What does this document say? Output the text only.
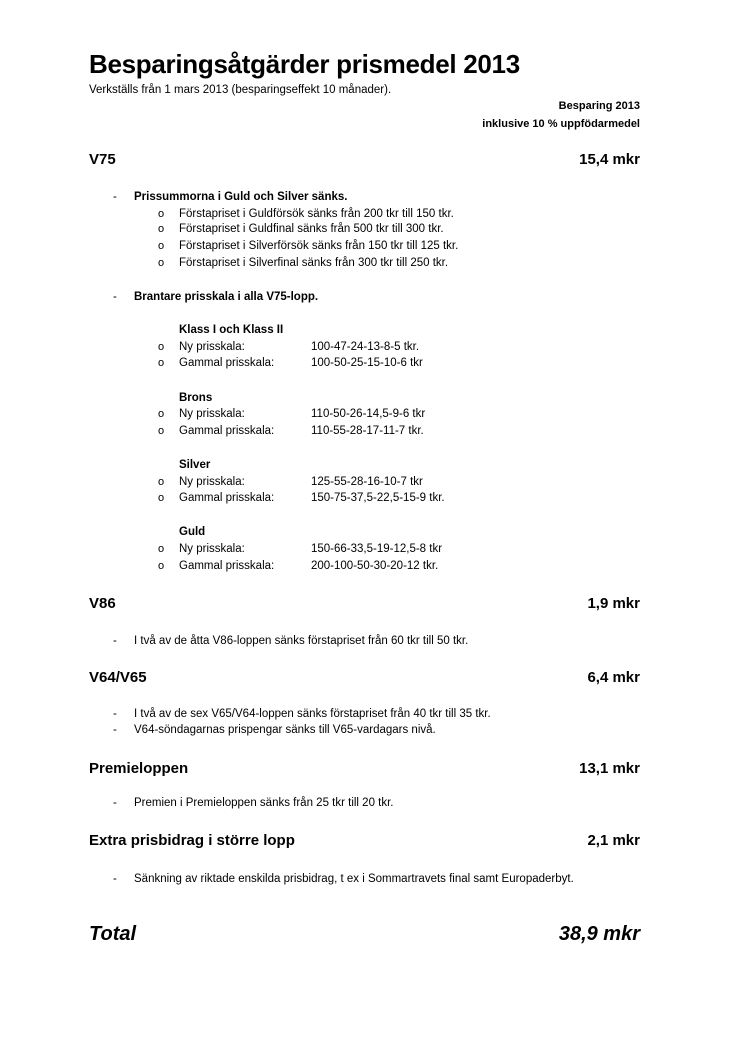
Besparingsåtgärder prismedel 2013
Verkställs från 1 mars 2013 (besparingseffekt 10 månader).
Besparing 2013
inklusive 10 % uppfödarmedel
V75	15,4 mkr
- Prissummorna i Guld och Silver sänks.
o Förstapriset i Guldförsök sänks från 200 tkr till 150 tkr.
o Förstapriset i Guldfinal sänks från 500 tkr till 300 tkr.
o Förstapriset i Silverförsök sänks från 150 tkr till 125 tkr.
o Förstapriset i Silverfinal sänks från 300 tkr till 250 tkr.
- Brantare prisskala i alla V75-lopp.
Klass I och Klass II
o Ny prisskala:	100-47-24-13-8-5 tkr.
o Gammal prisskala:	100-50-25-15-10-6 tkr
Brons
o Ny prisskala:	110-50-26-14,5-9-6 tkr
o Gammal prisskala:	110-55-28-17-11-7 tkr.
Silver
o Ny prisskala:	125-55-28-16-10-7 tkr
o Gammal prisskala:	150-75-37,5-22,5-15-9 tkr.
Guld
o Ny prisskala:	150-66-33,5-19-12,5-8 tkr
o Gammal prisskala:	200-100-50-30-20-12 tkr.
V86	1,9 mkr
- I två av de åtta V86-loppen sänks förstapriset från 60 tkr till 50 tkr.
V64/V65	6,4 mkr
- I två av de sex V65/V64-loppen sänks förstapriset från 40 tkr till 35 tkr.
- V64-söndagarnas prispengar sänks till V65-vardagars nivå.
Premieloppen	13,1 mkr
- Premien i Premieloppen sänks från 25 tkr till 20 tkr.
Extra prisbidrag i större lopp	2,1 mkr
- Sänkning av riktade enskilda prisbidrag, t ex i Sommartravets final samt Europaderbyt.
Total	38,9 mkr
